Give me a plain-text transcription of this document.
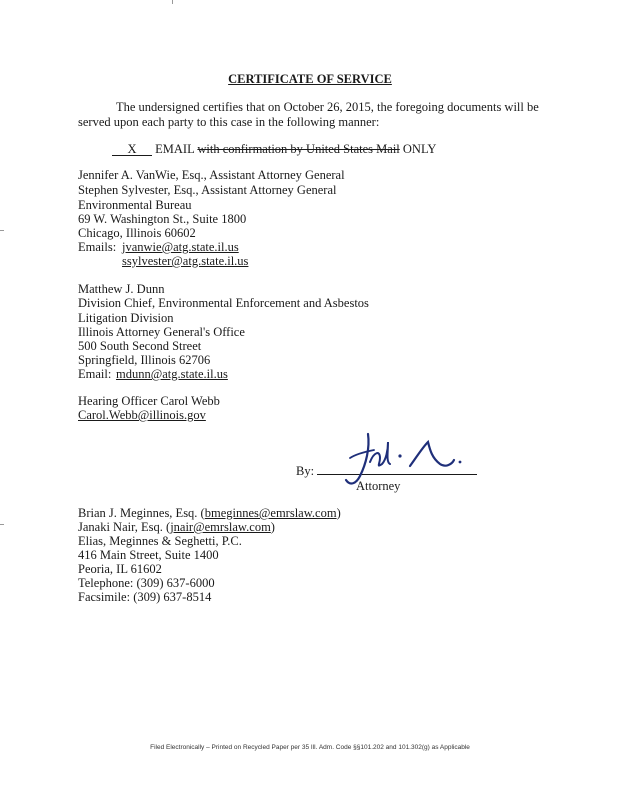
CERTIFICATE OF SERVICE
The undersigned certifies that on October 26, 2015, the foregoing documents will be
served upon each party to this case in the following manner:
X EMAIL with confirmation by United States Mail ONLY
Jennifer A. VanWie, Esq., Assistant Attorney General
Stephen Sylvester, Esq., Assistant Attorney General
Environmental Bureau
69 W. Washington St., Suite 1800
Chicago, Illinois 60602
Emails: jvanwie@atg.state.il.us
ssylvester@atg.state.il.us
Matthew J. Dunn
Division Chief, Environmental Enforcement and Asbestos
Litigation Division
Illinois Attorney General's Office
500 South Second Street
Springfield, Illinois 62706
Email: mdunn@atg.state.il.us
Hearing Officer Carol Webb
Carol.Webb@illinois.gov
By:
Attorney
Brian J. Meginnes, Esq. (bmeginnes@emrslaw.com)
Janaki Nair, Esq. (jnair@emrslaw.com)
Elias, Meginnes & Seghetti, P.C.
416 Main Street, Suite 1400
Peoria, IL 61602
Telephone: (309) 637-6000
Facsimile: (309) 637-8514
Filed Electronically – Printed on Recycled Paper per 35 Ill. Adm. Code §§101.202 and 101.302(g) as Applicable
